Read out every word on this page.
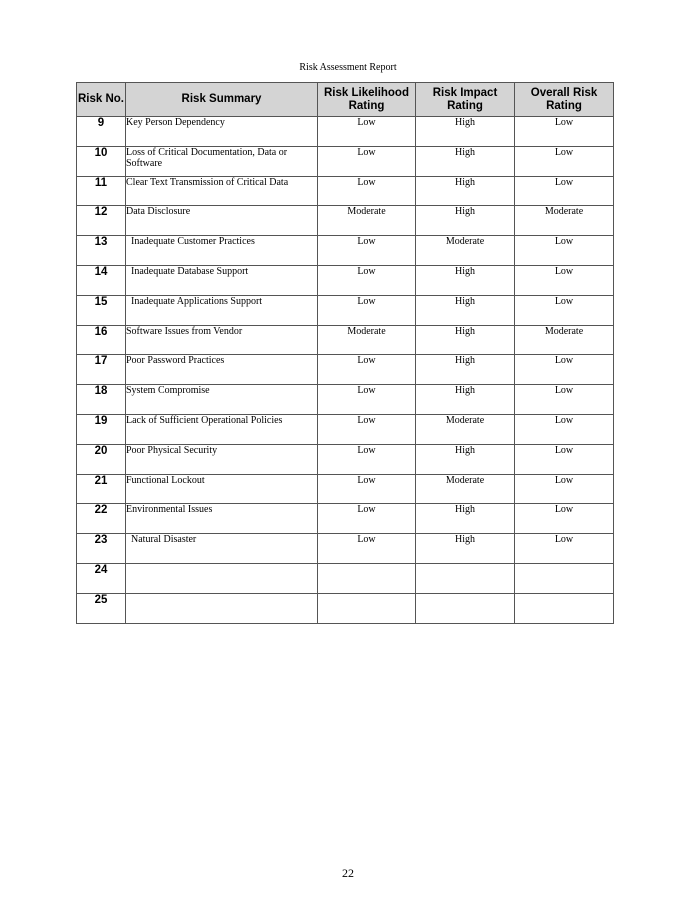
Risk Assessment Report
Risk No.	Risk Summary	Risk Likelihood Rating	Risk Impact Rating	Overall Risk Rating
9	Key Person Dependency	Low	High	Low
10	Loss of Critical Documentation, Data or Software	Low	High	Low
11	Clear Text Transmission of Critical Data	Low	High	Low
12	Data Disclosure	Moderate	High	Moderate
13	Inadequate Customer Practices	Low	Moderate	Low
14	Inadequate Database Support	Low	High	Low
15	Inadequate Applications Support	Low	High	Low
16	Software Issues from Vendor	Moderate	High	Moderate
17	Poor Password Practices	Low	High	Low
18	System Compromise	Low	High	Low
19	Lack of Sufficient Operational Policies	Low	Moderate	Low
20	Poor Physical Security	Low	High	Low
21	Functional Lockout	Low	Moderate	Low
22	Environmental Issues	Low	High	Low
23	Natural Disaster	Low	High	Low
24				
25				
22
